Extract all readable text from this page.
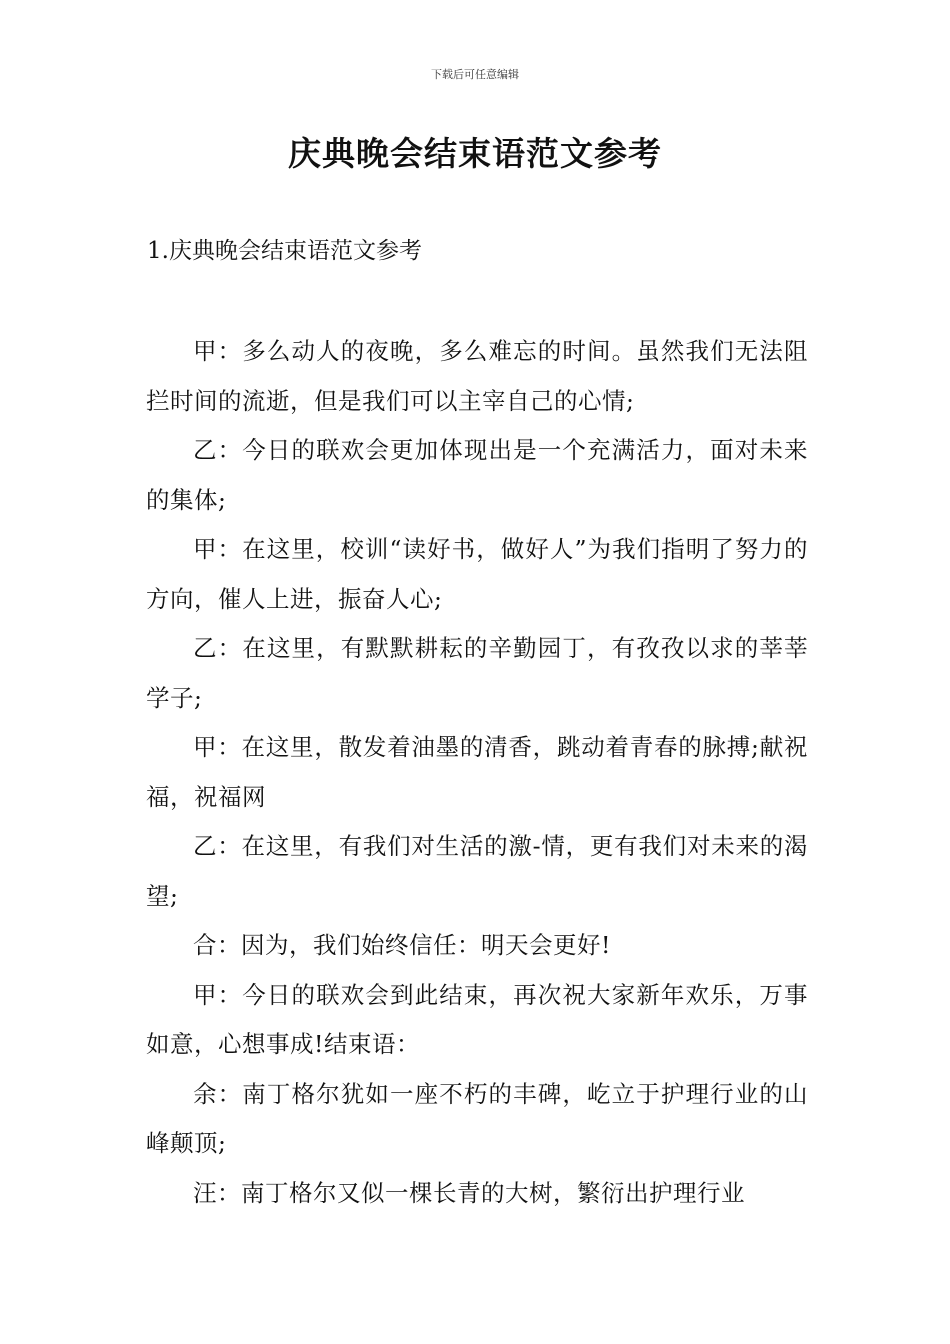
下载后可任意编辑
庆典晚会结束语范文参考
1.庆典晚会结束语范文参考

甲：多么动人的夜晚，多么难忘的时间。虽然我们无法阻拦时间的流逝，但是我们可以主宰自己的心情;

乙：今日的联欢会更加体现出是一个充满活力，面对未来的集体;

甲：在这里，校训“读好书，做好人”为我们指明了努力的方向，催人上进，振奋人心;

乙：在这里，有默默耕耘的辛勤园丁，有孜孜以求的莘莘学子;

甲：在这里，散发着油墨的清香，跳动着青春的脉搏;献祝福，祝福网

乙：在这里，有我们对生活的激-情，更有我们对未来的渴望;

合：因为，我们始终信任：明天会更好!

甲：今日的联欢会到此结束，再次祝大家新年欢乐，万事如意，心想事成!结束语：

余：南丁格尔犹如一座不朽的丰碑，屹立于护理行业的山峰颠顶;

汪：南丁格尔又似一棵长青的大树，繁衍出护理行业
